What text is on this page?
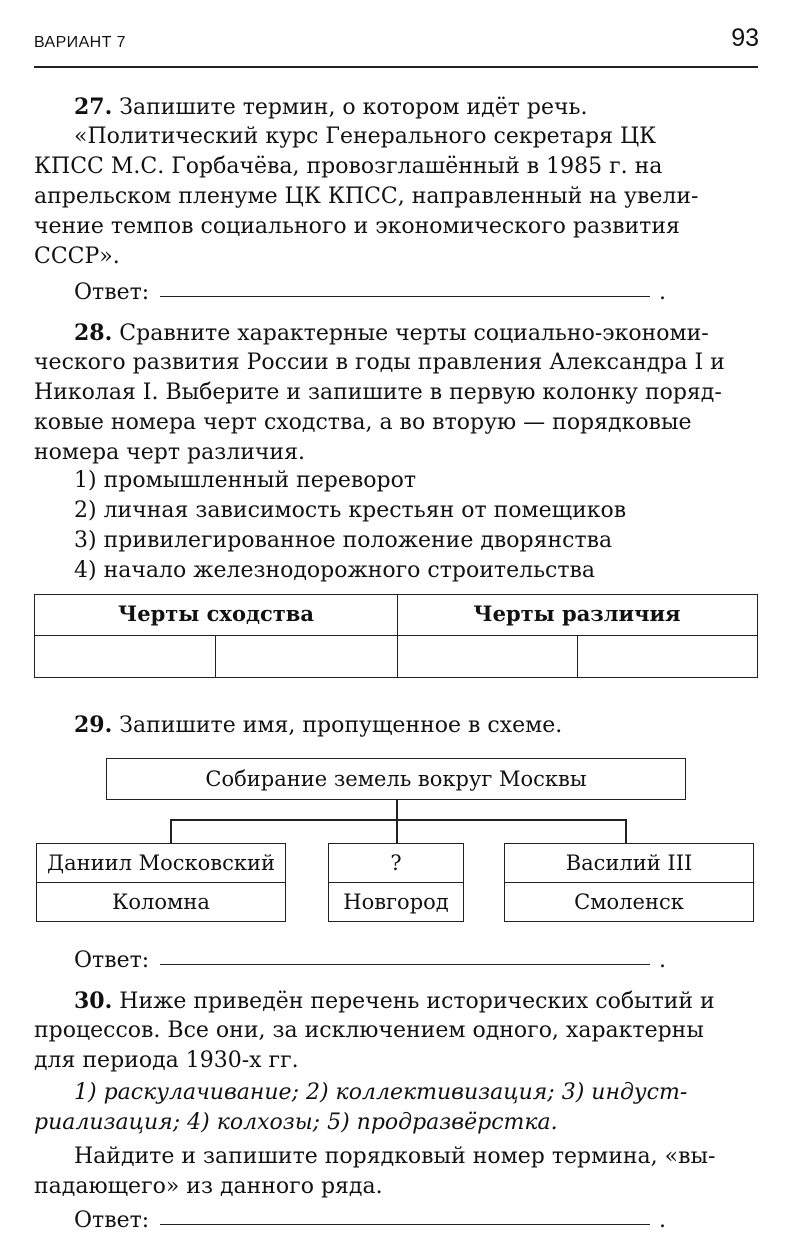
ВАРИАНТ 7	93
27. Запишите термин, о котором идёт речь.
«Политический курс Генерального секретаря ЦК
КПСС М.С. Горбачёва, провозглашённый в 1985 г. на
апрельском пленуме ЦК КПСС, направленный на увели-
чение темпов социального и экономического развития
СССР».
Ответ:	.
28. Сравните характерные черты социально-экономи-
ческого развития России в годы правления Александра I и
Николая I. Выберите и запишите в первую колонку поряд-
ковые номера черт сходства, а во вторую — порядковые
номера черт различия.
1) промышленный переворот
2) личная зависимость крестьян от помещиков
3) привилегированное положение дворянства
4) начало железнодорожного строительства
Черты сходства	Черты различия
29. Запишите имя, пропущенное в схеме.
Собирание земель вокруг Москвы
Даниил Московский
Коломна
?
Новгород
Василий III
Смоленск
Ответ:	.
30. Ниже приведён перечень исторических событий и
процессов. Все они, за исключением одного, характерны
для периода 1930-х гг.
1) раскулачивание; 2) коллективизация; 3) индуст-
риализация; 4) колхозы; 5) продразвёрстка.
Найдите и запишите порядковый номер термина, «вы-
падающего» из данного ряда.
Ответ:	.
